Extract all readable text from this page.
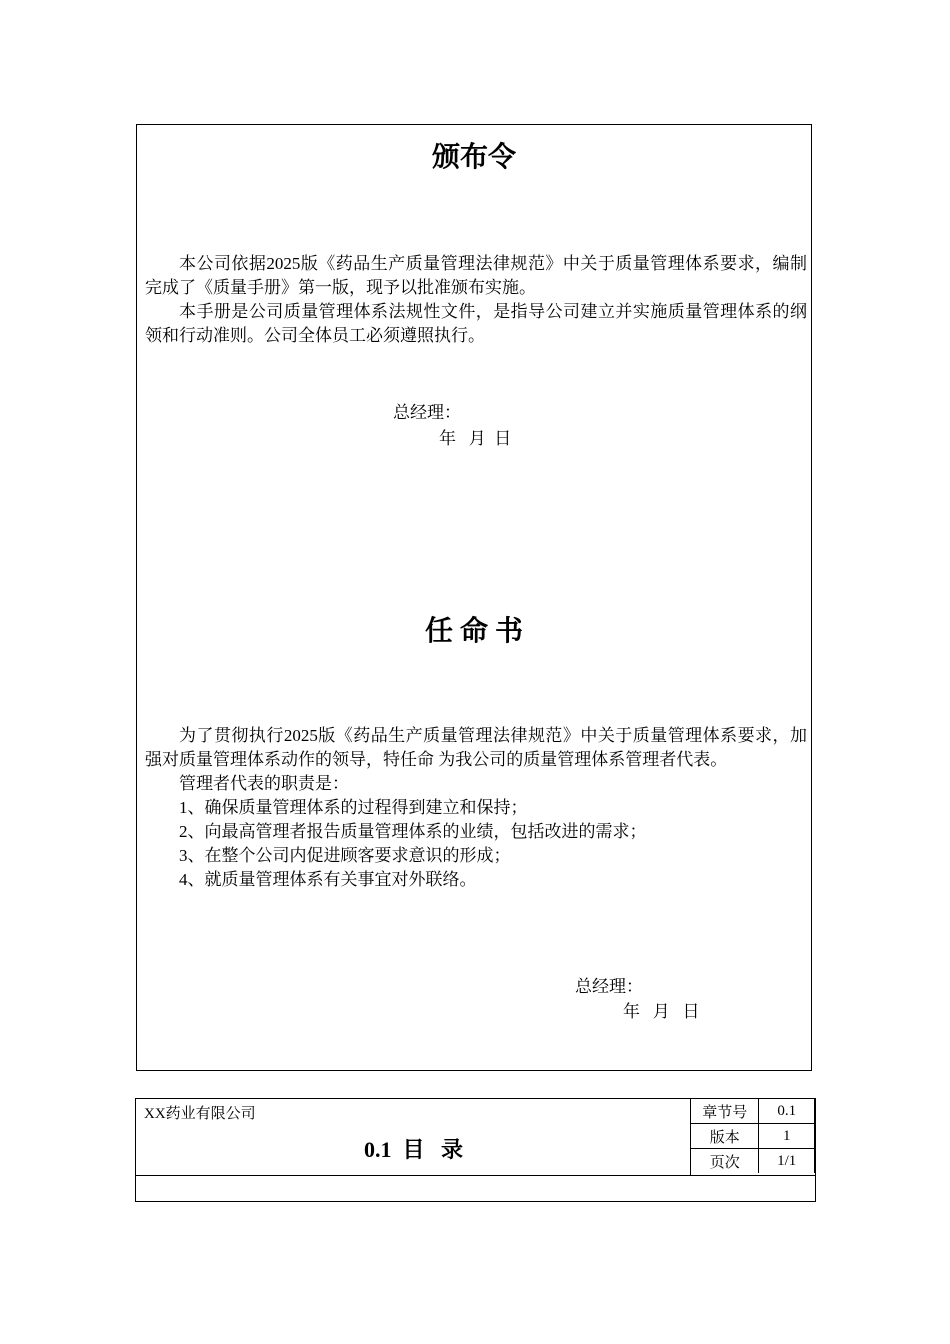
颁布令

本公司依据2025版《药品生产质量管理法律规范》中关于质量管理体系要求，编制完成了《质量手册》第一版，现予以批准颁布实施。

本手册是公司质量管理体系法规性文件，是指导公司建立并实施质量管理体系的纲领和行动准则。公司全体员工必须遵照执行。

总经理：
年   月  日
任 命 书

为了贯彻执行2025版《药品生产质量管理法律规范》中关于质量管理体系要求，加强对质量管理体系动作的领导，特任命 为我公司的质量管理体系管理者代表。

管理者代表的职责是：
1、确保质量管理体系的过程得到建立和保持；
2、向最高管理者报告质量管理体系的业绩，包括改进的需求；
3、在整个公司内促进顾客要求意识的形成；
4、就质量管理体系有关事宜对外联络。
总经理：
年   月   日
XX药业有限公司
0.1  目   录
章节号	0.1
版本	1
页次	1/1
